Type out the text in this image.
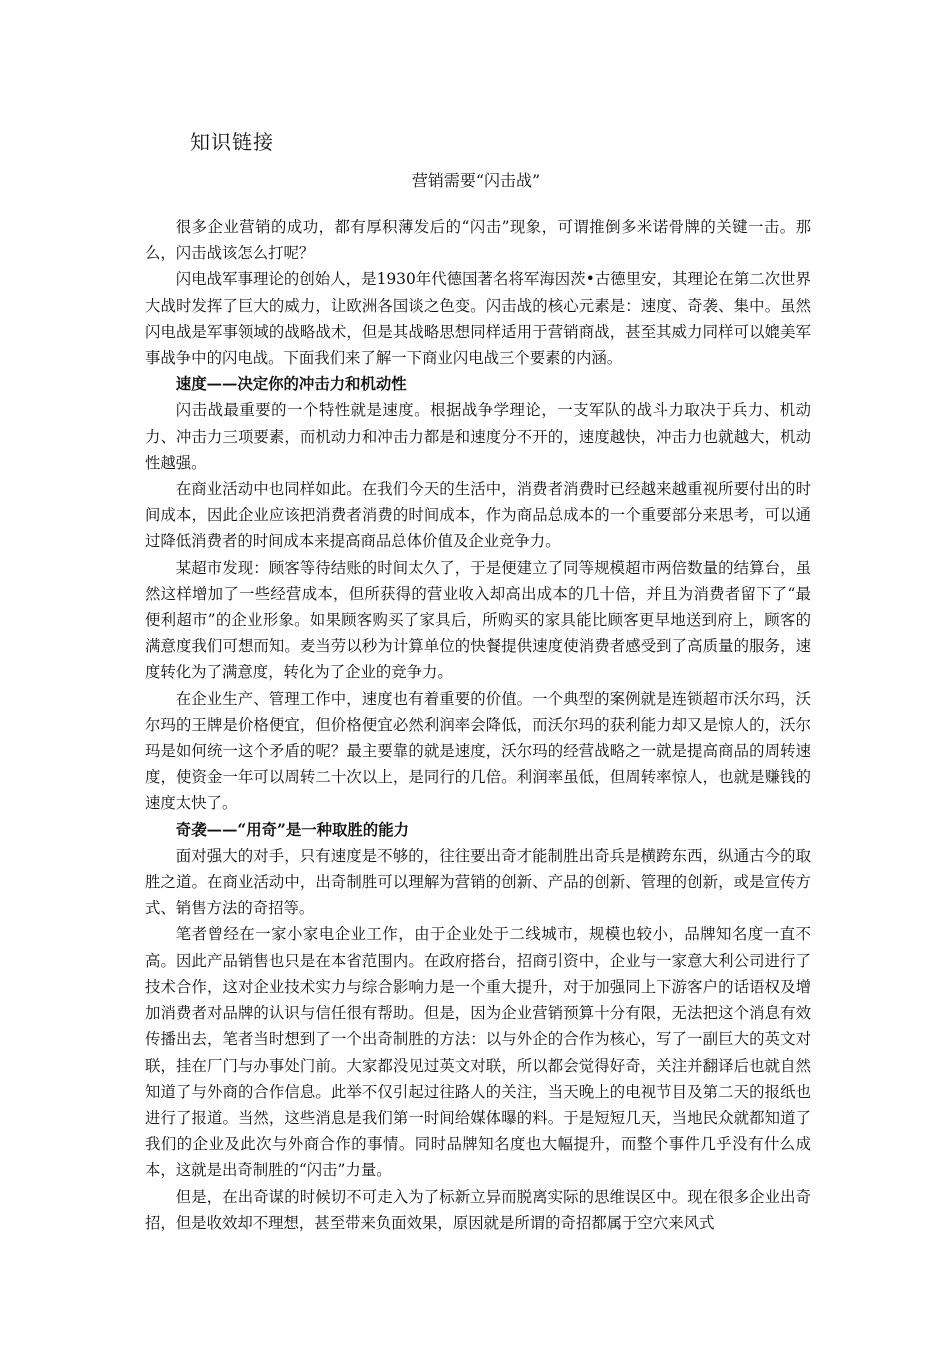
知识链接
营销需要“闪击战”

很多企业营销的成功，都有厚积薄发后的“闪击”现象，可谓推倒多米诺骨牌的关键一击。那么，闪击战该怎么打呢？

闪电战军事理论的创始人，是1930年代德国著名将军海因茨•古德里安，其理论在第二次世界大战时发挥了巨大的威力，让欧洲各国谈之色变。闪击战的核心元素是：速度、奇袭、集中。虽然闪电战是军事领域的战略战术，但是其战略思想同样适用于营销商战，甚至其威力同样可以媲美军事战争中的闪电战。下面我们来了解一下商业闪电战三个要素的内涵。

速度——决定你的冲击力和机动性

闪击战最重要的一个特性就是速度。根据战争学理论，一支军队的战斗力取决于兵力、机动力、冲击力三项要素，而机动力和冲击力都是和速度分不开的，速度越快，冲击力也就越大，机动性越强。

在商业活动中也同样如此。在我们今天的生活中，消费者消费时已经越来越重视所要付出的时间成本，因此企业应该把消费者消费的时间成本，作为商品总成本的一个重要部分来思考，可以通过降低消费者的时间成本来提高商品总体价值及企业竞争力。

某超市发现：顾客等待结账的时间太久了，于是便建立了同等规模超市两倍数量的结算台，虽然这样增加了一些经营成本，但所获得的营业收入却高出成本的几十倍，并且为消费者留下了“最便利超市”的企业形象。如果顾客购买了家具后，所购买的家具能比顾客更早地送到府上，顾客的满意度我们可想而知。麦当劳以秒为计算单位的快餐提供速度使消费者感受到了高质量的服务，速度转化为了满意度，转化为了企业的竞争力。

在企业生产、管理工作中，速度也有着重要的价值。一个典型的案例就是连锁超市沃尔玛，沃尔玛的王牌是价格便宜，但价格便宜必然利润率会降低，而沃尔玛的获利能力却又是惊人的，沃尔玛是如何统一这个矛盾的呢？最主要靠的就是速度，沃尔玛的经营战略之一就是提高商品的周转速度，使资金一年可以周转二十次以上，是同行的几倍。利润率虽低，但周转率惊人，也就是赚钱的速度太快了。

奇袭——“用奇”是一种取胜的能力

面对强大的对手，只有速度是不够的，往往要出奇才能制胜出奇兵是横跨东西，纵通古今的取胜之道。在商业活动中，出奇制胜可以理解为营销的创新、产品的创新、管理的创新，或是宣传方式、销售方法的奇招等。

笔者曾经在一家小家电企业工作，由于企业处于二线城市，规模也较小，品牌知名度一直不高。因此产品销售也只是在本省范围内。在政府搭台，招商引资中，企业与一家意大利公司进行了技术合作，这对企业技术实力与综合影响力是一个重大提升，对于加强同上下游客户的话语权及增加消费者对品牌的认识与信任很有帮助。但是，因为企业营销预算十分有限，无法把这个消息有效传播出去，笔者当时想到了一个出奇制胜的方法：以与外企的合作为核心，写了一副巨大的英文对联，挂在厂门与办事处门前。大家都没见过英文对联，所以都会觉得好奇，关注并翻译后也就自然知道了与外商的合作信息。此举不仅引起过往路人的关注，当天晚上的电视节目及第二天的报纸也进行了报道。当然，这些消息是我们第一时间给媒体曝的料。于是短短几天，当地民众就都知道了我们的企业及此次与外商合作的事情。同时品牌知名度也大幅提升，而整个事件几乎没有什么成本，这就是出奇制胜的“闪击”力量。

但是，在出奇谋的时候切不可走入为了标新立异而脱离实际的思维误区中。现在很多企业出奇招，但是收效却不理想，甚至带来负面效果，原因就是所谓的奇招都属于空穴来风式
